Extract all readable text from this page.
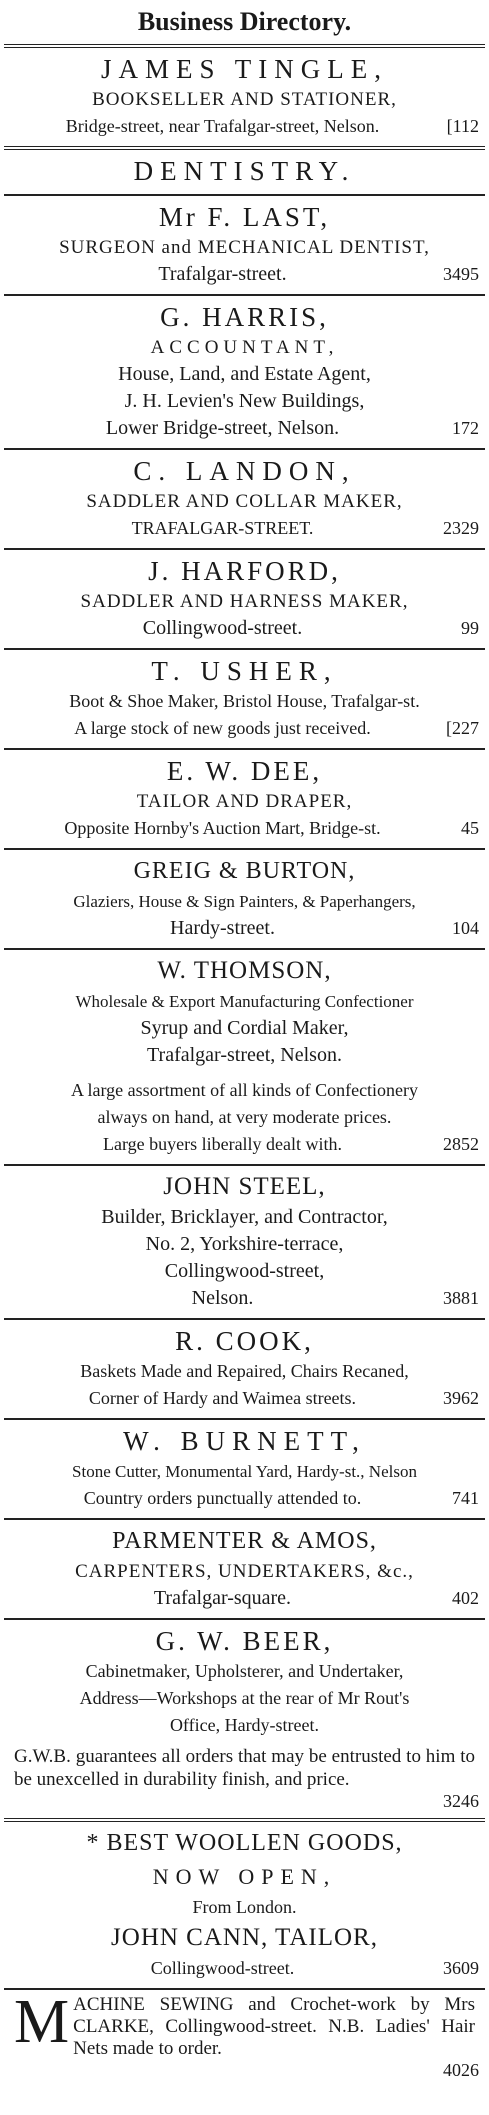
Business Directory.
JAMES TINGLE,
BOOKSELLER AND STATIONER,
Bridge-street, near Trafalgar-street, Nelson.	[112
DENTISTRY.
Mr F. LAST,
SURGEON and MECHANICAL DENTIST,
Trafalgar-street.	3495
G. HARRIS,
ACCOUNTANT,
House, Land, and Estate Agent,
J. H. Levien's New Buildings,
Lower Bridge-street, Nelson.	172
C. LANDON,
SADDLER AND COLLAR MAKER,
TRAFALGAR-STREET.	2329
J. HARFORD,
SADDLER AND HARNESS MAKER,
Collingwood-street.	99
T. USHER,
Boot & Shoe Maker, Bristol House, Trafalgar-st.
A large stock of new goods just received.	[227
E. W. DEE,
TAILOR AND DRAPER,
Opposite Hornby's Auction Mart, Bridge-st.	45
GREIG & BURTON,
Glaziers, House & Sign Painters, & Paperhangers,
Hardy-street.	104
W. THOMSON,
Wholesale & Export Manufacturing Confectioner
Syrup and Cordial Maker,
Trafalgar-street, Nelson.
A large assortment of all kinds of Confectionery
always on hand, at very moderate prices.
Large buyers liberally dealt with.	2852
JOHN STEEL,
Builder, Bricklayer, and Contractor,
No. 2, Yorkshire-terrace,
Collingwood-street,
Nelson.	3881
R. COOK,
Baskets Made and Repaired, Chairs Recaned,
Corner of Hardy and Waimea streets.	3962
W. BURNETT,
Stone Cutter, Monumental Yard, Hardy-st., Nelson
Country orders punctually attended to.	741
PARMENTER & AMOS,
CARPENTERS, UNDERTAKERS, &c.,
Trafalgar-square.	402
G. W. BEER,
Cabinetmaker, Upholsterer, and Undertaker,
Address—Workshops at the rear of Mr Rout's
Office, Hardy-street.
G.W.B. guarantees all orders that may be entrusted to him to be unexcelled in durability finish, and price.
3246
* BEST WOOLLEN GOODS,
NOW OPEN,
From London.
JOHN CANN, TAILOR,
Collingwood-street.	3609
M ACHINE SEWING and Crochet-work by Mrs CLARKE, Collingwood-street. N.B. Ladies' Hair Nets made to order.
4026
